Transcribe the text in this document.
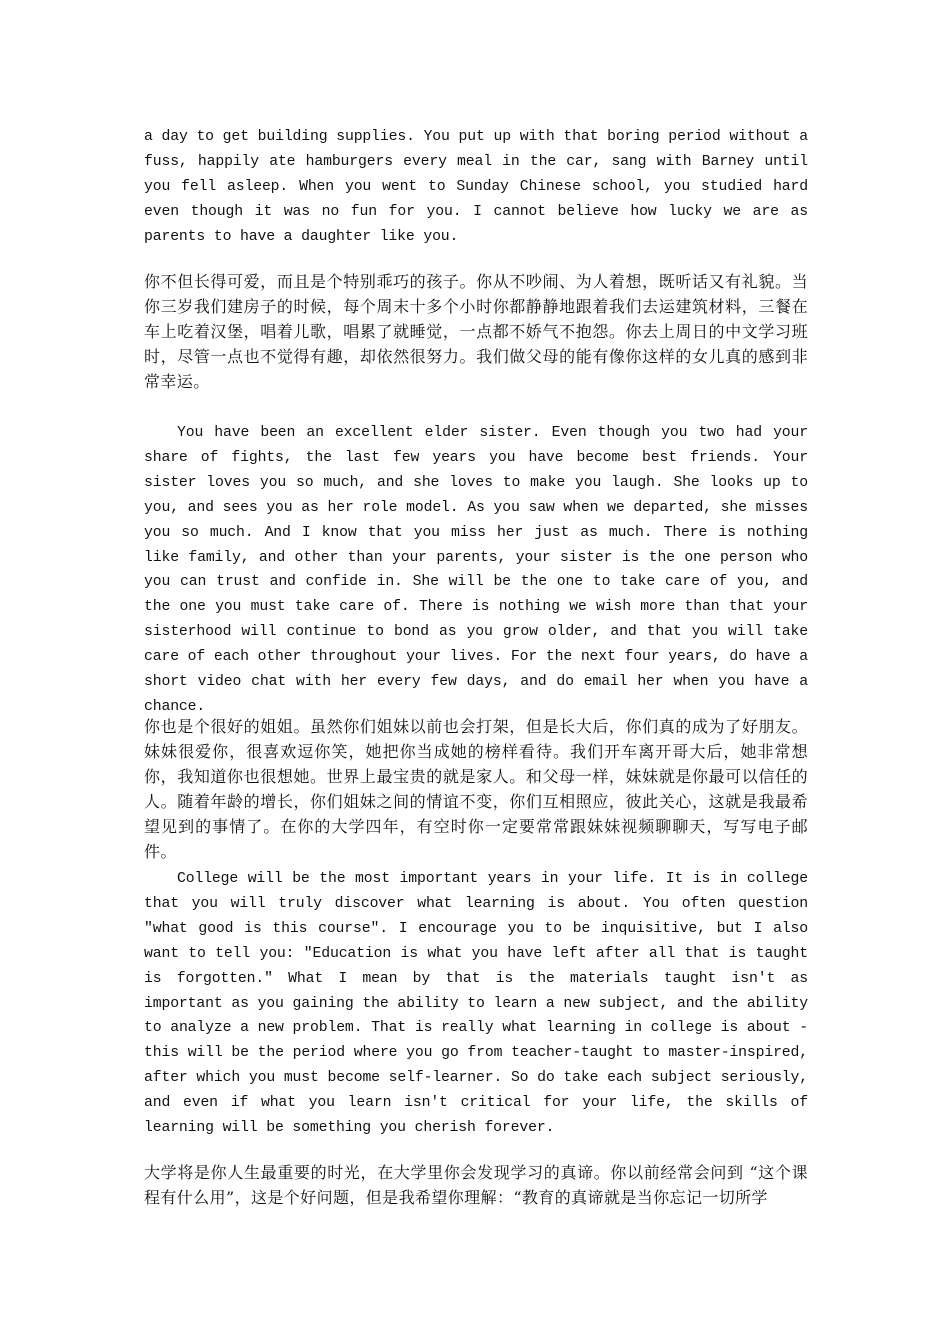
a day to get building supplies. You put up with that boring period without a fuss, happily ate hamburgers every meal in the car, sang with Barney until you fell asleep. When you went to Sunday Chinese school, you studied hard even though it was no fun for you. I cannot believe how lucky we are as parents to have a daughter like you.

你不但长得可爱，而且是个特别乖巧的孩子。你从不吵闹、为人着想，既听话又有礼貌。当你三岁我们建房子的时候，每个周末十多个小时你都静静地跟着我们去运建筑材料，三餐在车上吃着汉堡，唱着儿歌，唱累了就睡觉，一点都不娇气不抱怨。你去上周日的中文学习班时，尽管一点也不觉得有趣，却依然很努力。我们做父母的能有像你这样的女儿真的感到非常幸运。

You have been an excellent elder sister. Even though you two had your share of fights, the last few years you have become best friends. Your sister loves you so much, and she loves to make you laugh. She looks up to you, and sees you as her role model. As you saw when we departed, she misses you so much. And I know that you miss her just as much. There is nothing like family, and other than your parents, your sister is the one person who you can trust and confide in. She will be the one to take care of you, and the one you must take care of. There is nothing we wish more than that your sisterhood will continue to bond as you grow older, and that you will take care of each other throughout your lives. For the next four years, do have a short video chat with her every few days, and do email her when you have a chance.

你也是个很好的姐姐。虽然你们姐妹以前也会打架，但是长大后，你们真的成为了好朋友。妹妹很爱你，很喜欢逗你笑，她把你当成她的榜样看待。我们开车离开哥大后，她非常想你，我知道你也很想她。世界上最宝贵的就是家人。和父母一样，妹妹就是你最可以信任的人。随着年龄的增长，你们姐妹之间的情谊不变，你们互相照应，彼此关心，这就是我最希望见到的事情了。在你的大学四年，有空时你一定要常常跟妹妹视频聊聊天，写写电子邮件。

College will be the most important years in your life. It is in college that you will truly discover what learning is about. You often question "what good is this course". I encourage you to be inquisitive, but I also want to tell you: "Education is what you have left after all that is taught is forgotten." What I mean by that is the materials taught isn't as important as you gaining the ability to learn a new subject, and the ability to analyze a new problem. That is really what learning in college is about - this will be the period where you go from teacher-taught to master-inspired, after which you must become self-learner. So do take each subject seriously, and even if what you learn isn't critical for your life, the skills of learning will be something you cherish forever.

大学将是你人生最重要的时光，在大学里你会发现学习的真谛。你以前经常会问到 “这个课程有什么用”，这是个好问题，但是我希望你理解：“教育的真谛就是当你忘记一切所学
